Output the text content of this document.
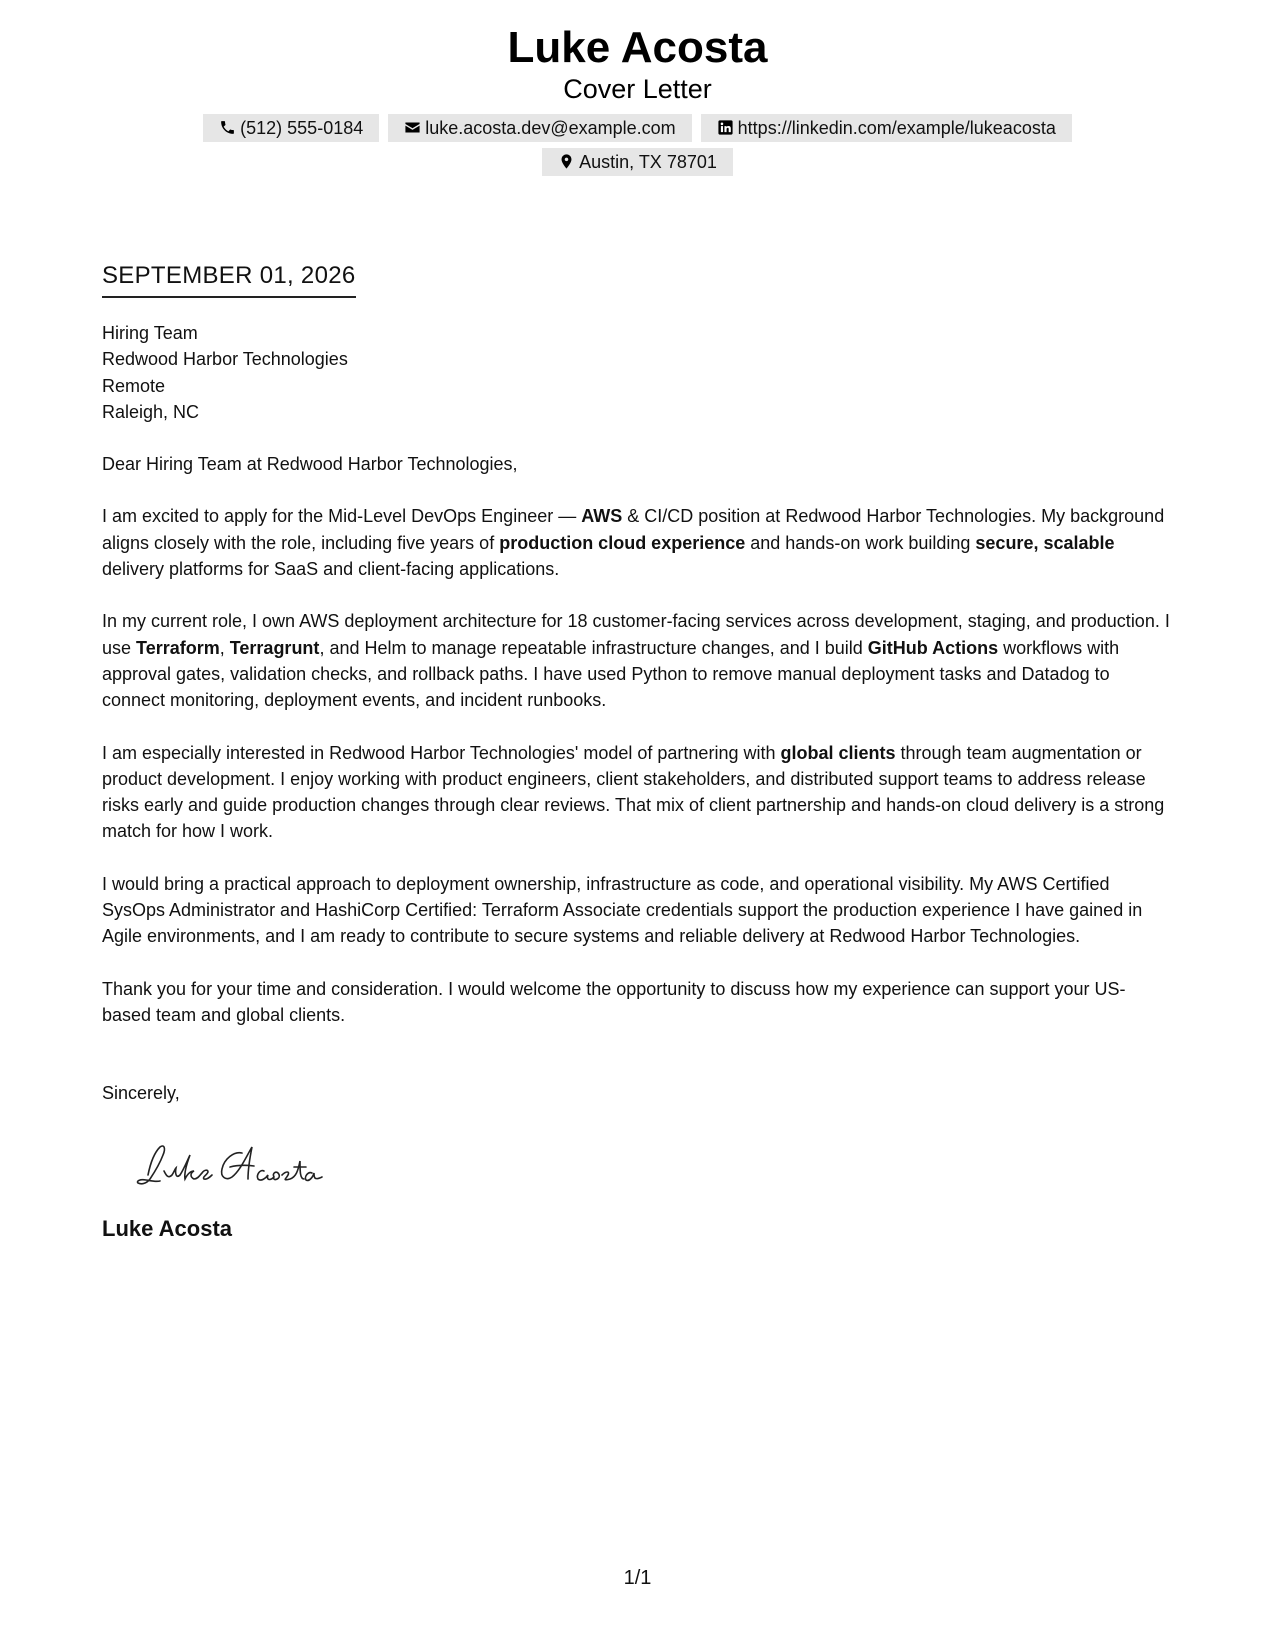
Luke Acosta
Cover Letter
(512) 555-0184	luke.acosta.dev@example.com	https://linkedin.com/example/lukeacosta Austin, TX 78701
SEPTEMBER 01, 2026
Hiring Team
Redwood Harbor Technologies
Remote
Raleigh, NC
Dear Hiring Team at Redwood Harbor Technologies,
I am excited to apply for the Mid-Level DevOps Engineer — AWS & CI/CD position at Redwood Harbor Technologies. My background aligns closely with the role, including five years of production cloud experience and hands-on work building secure, scalable delivery platforms for SaaS and client-facing applications.
In my current role, I own AWS deployment architecture for 18 customer-facing services across development, staging, and production. I use Terraform, Terragrunt, and Helm to manage repeatable infrastructure changes, and I build GitHub Actions workflows with approval gates, validation checks, and rollback paths. I have used Python to remove manual deployment tasks and Datadog to connect monitoring, deployment events, and incident runbooks.
I am especially interested in Redwood Harbor Technologies' model of partnering with global clients through team augmentation or product development. I enjoy working with product engineers, client stakeholders, and distributed support teams to address release risks early and guide production changes through clear reviews. That mix of client partnership and hands-on cloud delivery is a strong match for how I work.
I would bring a practical approach to deployment ownership, infrastructure as code, and operational visibility. My AWS Certified SysOps Administrator and HashiCorp Certified: Terraform Associate credentials support the production experience I have gained in Agile environments, and I am ready to contribute to secure systems and reliable delivery at Redwood Harbor Technologies.
Thank you for your time and consideration. I would welcome the opportunity to discuss how my experience can support your US-based team and global clients.
Sincerely,
Luke Acosta
1/1
